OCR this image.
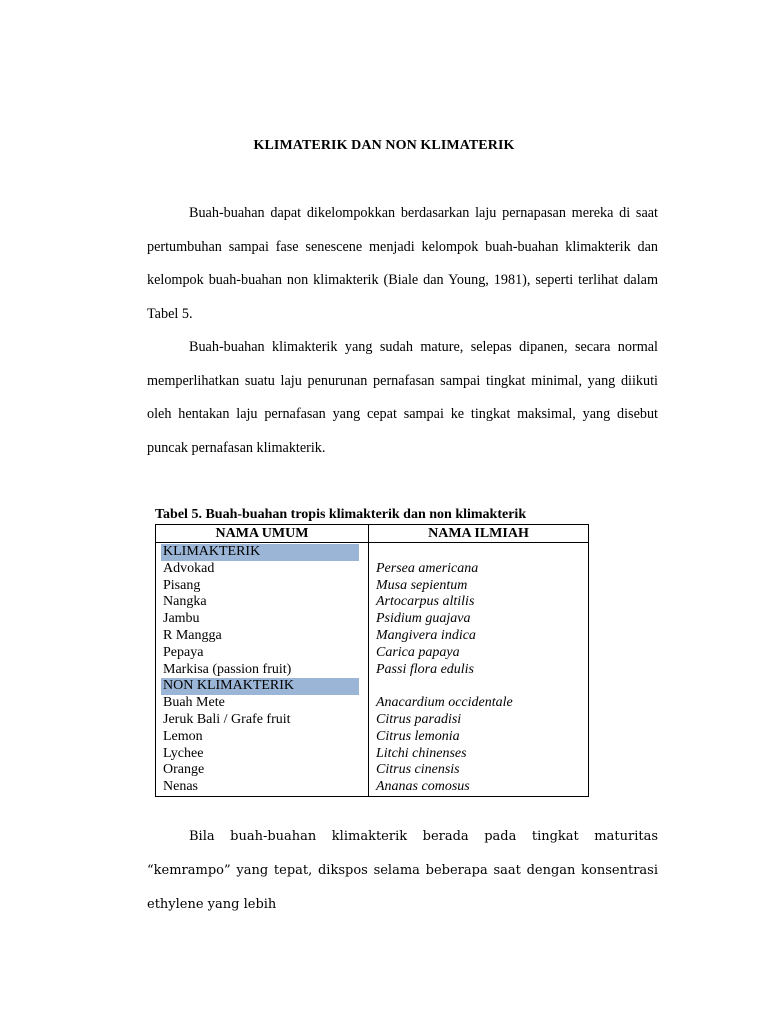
KLIMATERIK DAN NON KLIMATERIK
Buah-buahan dapat dikelompokkan berdasarkan laju pernapasan mereka di saat pertumbuhan sampai fase senescene menjadi kelompok buah-buahan klimakterik dan kelompok buah-buahan non klimakterik (Biale dan Young, 1981), seperti terlihat dalam Tabel 5.
Buah-buahan klimakterik yang sudah mature, selepas dipanen, secara normal memperlihatkan suatu laju penurunan pernafasan sampai tingkat minimal, yang diikuti oleh hentakan laju pernafasan yang cepat sampai ke tingkat maksimal, yang disebut puncak pernafasan klimakterik.
Tabel 5. Buah-buahan tropis klimakterik dan non klimakterik
NAMA UMUM	NAMA ILMIAH
KLIMAKTERIK	
Advokad	Persea americana
Pisang	Musa sepientum
Nangka	Artocarpus altilis
Jambu	Psidium guajava
R Mangga	Mangivera indica
Pepaya	Carica papaya
Markisa (passion fruit)	Passi flora edulis
NON KLIMAKTERIK	
Buah Mete	Anacardium occidentale
Jeruk Bali / Grafe fruit	Citrus paradisi
Lemon	Citrus lemonia
Lychee	Litchi chinenses
Orange	Citrus cinensis
Nenas	Ananas comosus
Bila buah-buahan klimakterik berada pada tingkat maturitas “kemrampo” yang tepat, dikspos selama beberapa saat dengan konsentrasi ethylene yang lebih
